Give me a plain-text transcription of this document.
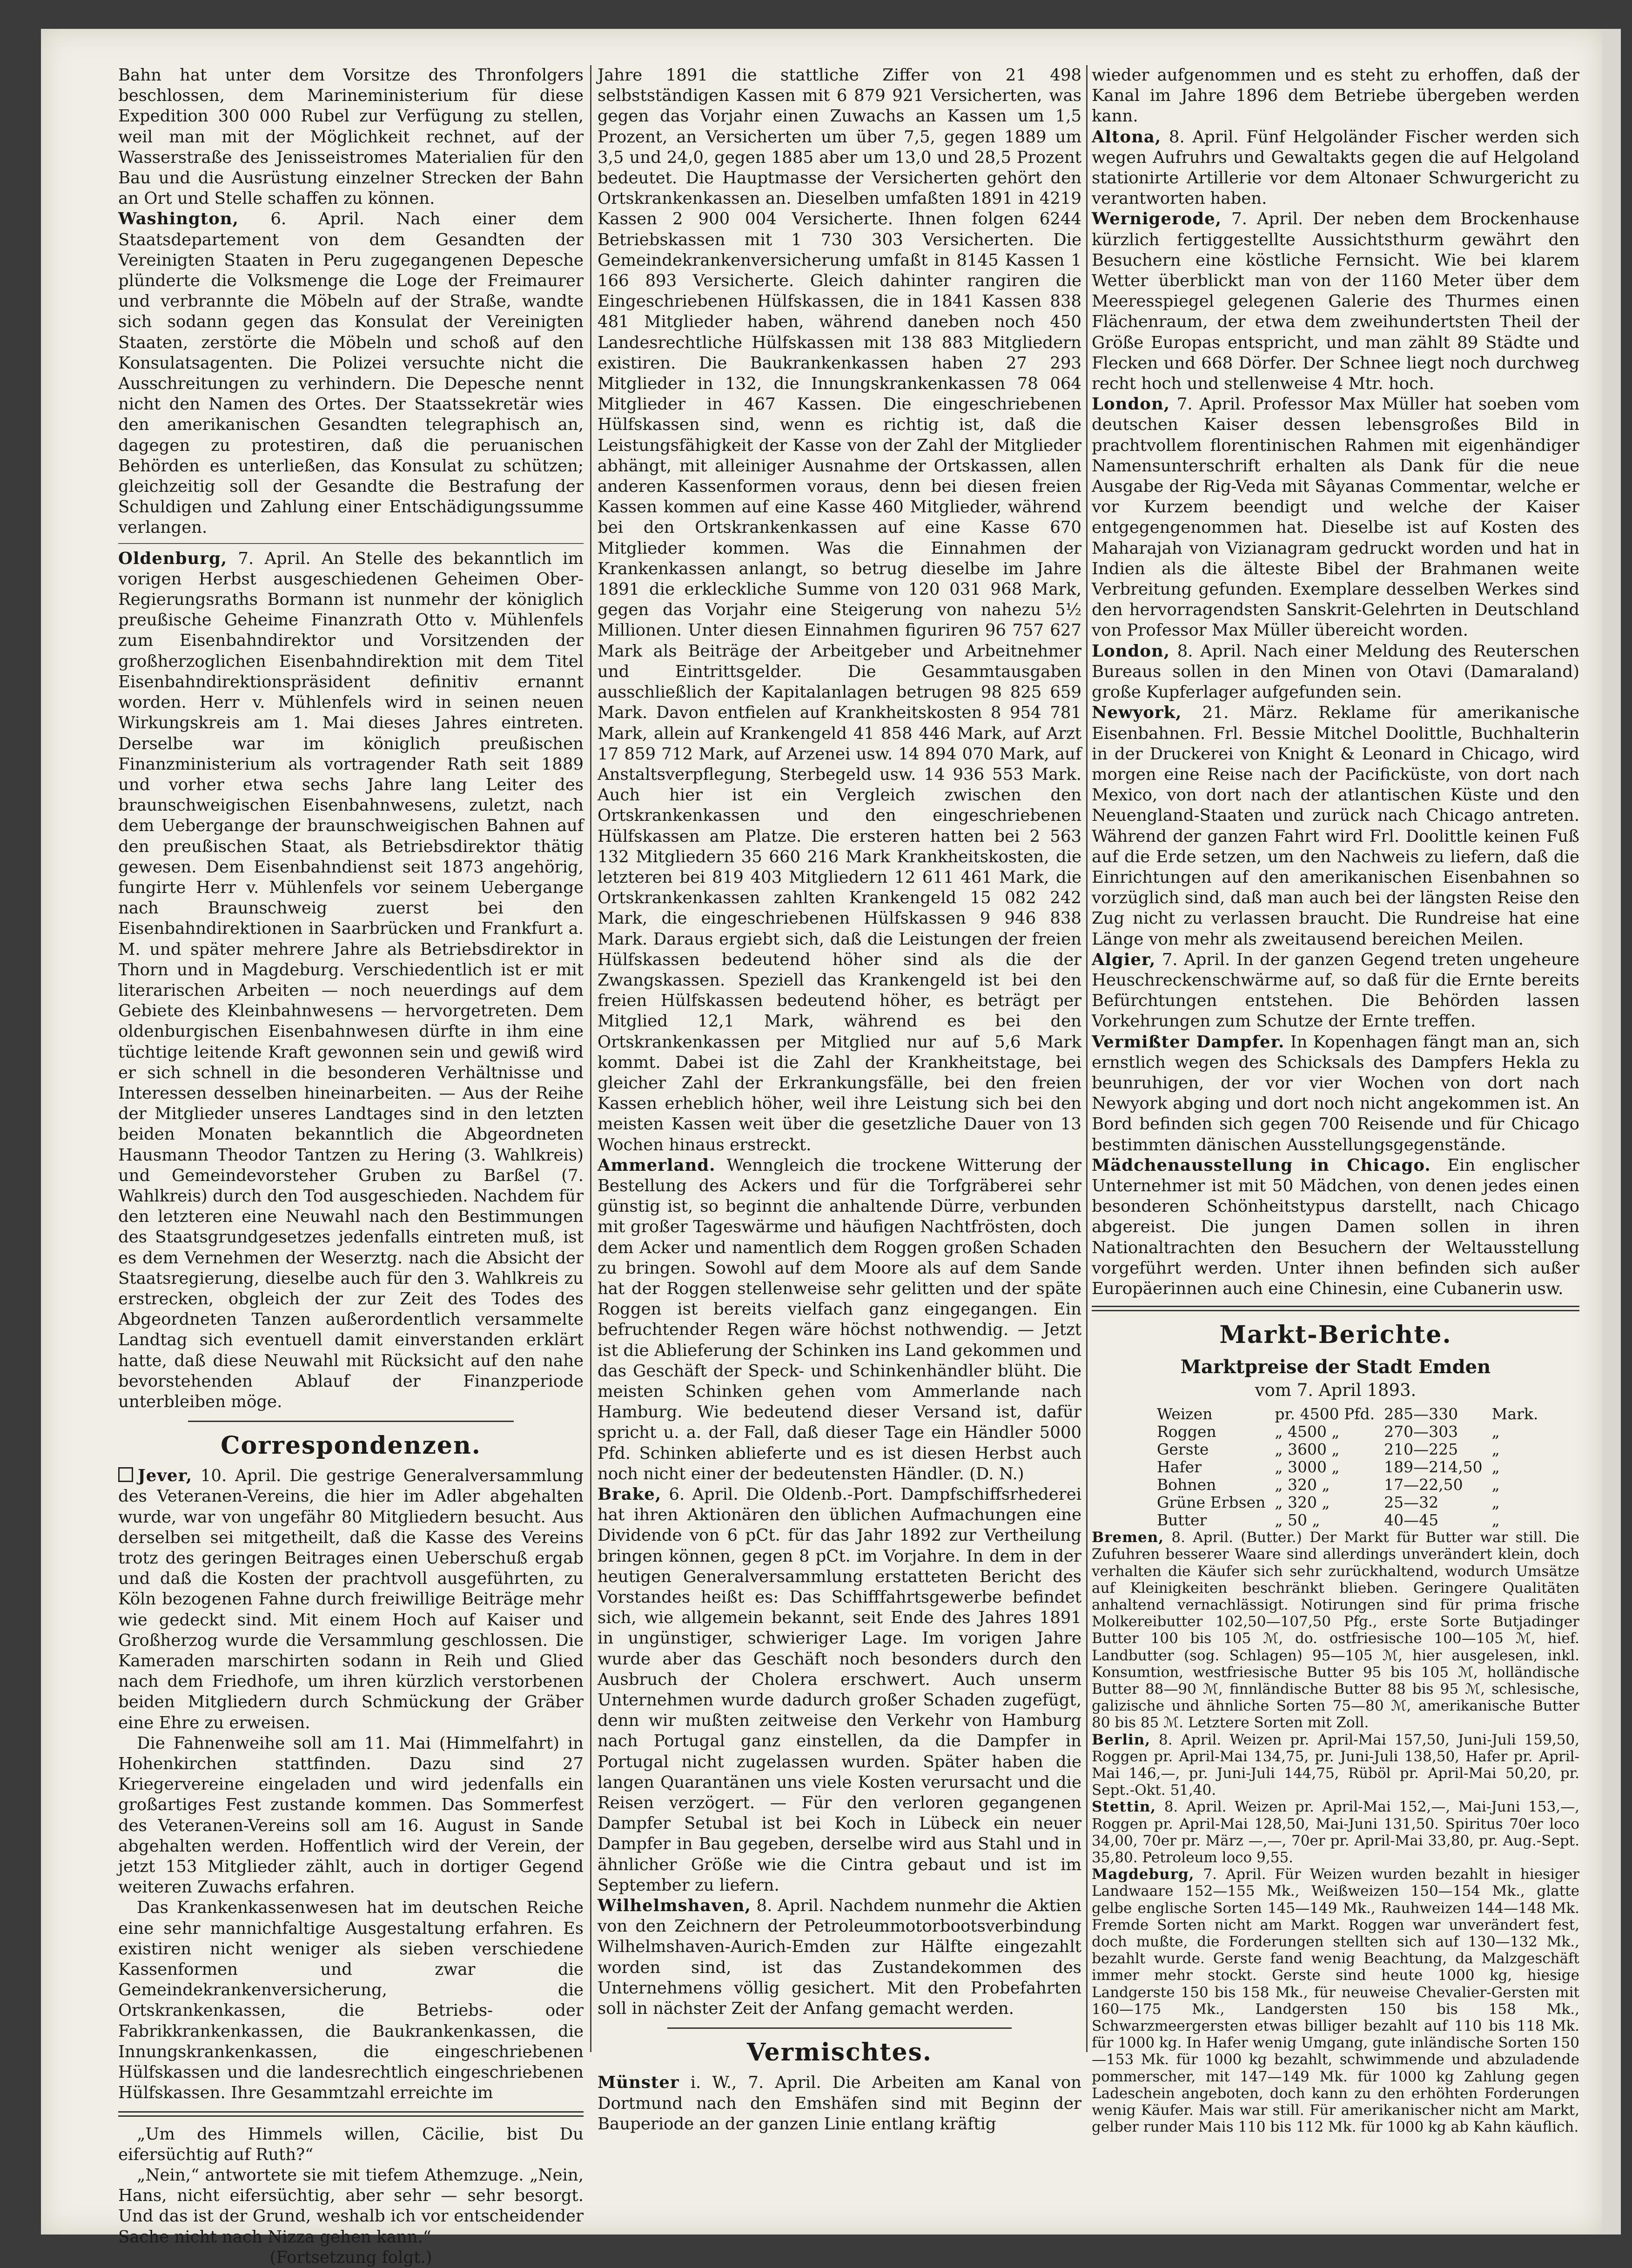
Bahn hat unter dem Vorsitze des Thronfolgers beschlossen, dem Marineministerium für diese Expedition 300 000 Rubel zur Verfügung zu stellen, weil man mit der Möglichkeit rechnet, auf der Wasserstraße des Jenisseistromes Materialien für den Bau und die Ausrüstung einzelner Strecken der Bahn an Ort und Stelle schaffen zu können.

Washington, 6. April. Nach einer dem Staatsdepartement von dem Gesandten der Vereinigten Staaten in Peru zugegangenen Depesche plünderte die Volksmenge die Loge der Freimaurer und verbrannte die Möbeln auf der Straße, wandte sich sodann gegen das Konsulat der Vereinigten Staaten, zerstörte die Möbeln und schoß auf den Konsulatsagenten. Die Polizei versuchte nicht die Ausschreitungen zu verhindern. Die Depesche nennt nicht den Namen des Ortes. Der Staatssekretär wies den amerikanischen Gesandten telegraphisch an, dagegen zu protestiren, daß die peruanischen Behörden es unterließen, das Konsulat zu schützen; gleichzeitig soll der Gesandte die Bestrafung der Schuldigen und Zahlung einer Entschädigungssumme verlangen.

Oldenburg, 7. April. An Stelle des bekanntlich im vorigen Herbst ausgeschiedenen Geheimen Ober-Regierungsraths Bormann ist nunmehr der königlich preußische Geheime Finanzrath Otto v. Mühlenfels zum Eisenbahndirektor und Vorsitzenden der großherzoglichen Eisenbahndirektion mit dem Titel Eisenbahndirektionspräsident definitiv ernannt worden. Herr v. Mühlenfels wird in seinen neuen Wirkungskreis am 1. Mai dieses Jahres eintreten. Derselbe war im königlich preußischen Finanzministerium als vortragender Rath seit 1889 und vorher etwa sechs Jahre lang Leiter des braunschweigischen Eisenbahnwesens, zuletzt, nach dem Uebergange der braunschweigischen Bahnen auf den preußischen Staat, als Betriebsdirektor thätig gewesen. Dem Eisenbahndienst seit 1873 angehörig, fungirte Herr v. Mühlenfels vor seinem Uebergange nach Braunschweig zuerst bei den Eisenbahndirektionen in Saarbrücken und Frankfurt a. M. und später mehrere Jahre als Betriebsdirektor in Thorn und in Magdeburg. Verschiedentlich ist er mit literarischen Arbeiten — noch neuerdings auf dem Gebiete des Kleinbahnwesens — hervorgetreten. Dem oldenburgischen Eisenbahnwesen dürfte in ihm eine tüchtige leitende Kraft gewonnen sein und gewiß wird er sich schnell in die besonderen Verhältnisse und Interessen desselben hineinarbeiten. — Aus der Reihe der Mitglieder unseres Landtages sind in den letzten beiden Monaten bekanntlich die Abgeordneten Hausmann Theodor Tantzen zu Hering (3. Wahlkreis) und Gemeindevorsteher Gruben zu Barßel (7. Wahlkreis) durch den Tod ausgeschieden. Nachdem für den letzteren eine Neuwahl nach den Bestimmungen des Staatsgrundgesetzes jedenfalls eintreten muß, ist es dem Vernehmen der Weserztg. nach die Absicht der Staatsregierung, dieselbe auch für den 3. Wahlkreis zu erstrecken, obgleich der zur Zeit des Todes des Abgeordneten Tanzen außerordentlich versammelte Landtag sich eventuell damit einverstanden erklärt hatte, daß diese Neuwahl mit Rücksicht auf den nahe bevorstehenden Ablauf der Finanzperiode unterbleiben möge.

Correspondenzen.

Jever, 10. April. Die gestrige Generalversammlung des Veteranen-Vereins, die hier im Adler abgehalten wurde, war von ungefähr 80 Mitgliedern besucht. Aus derselben sei mitgetheilt, daß die Kasse des Vereins trotz des geringen Beitrages einen Ueberschuß ergab und daß die Kosten der prachtvoll ausgeführten, zu Köln bezogenen Fahne durch freiwillige Beiträge mehr wie gedeckt sind. Mit einem Hoch auf Kaiser und Großherzog wurde die Versammlung geschlossen. Die Kameraden marschirten sodann in Reih und Glied nach dem Friedhofe, um ihren kürzlich verstorbenen beiden Mitgliedern durch Schmückung der Gräber eine Ehre zu erweisen.

Die Fahnenweihe soll am 11. Mai (Himmelfahrt) in Hohenkirchen stattfinden. Dazu sind 27 Kriegervereine eingeladen und wird jedenfalls ein großartiges Fest zustande kommen. Das Sommerfest des Veteranen-Vereins soll am 16. August in Sande abgehalten werden. Hoffentlich wird der Verein, der jetzt 153 Mitglieder zählt, auch in dortiger Gegend weiteren Zuwachs erfahren.

Das Krankenkassenwesen hat im deutschen Reiche eine sehr mannichfaltige Ausgestaltung erfahren. Es existiren nicht weniger als sieben verschiedene Kassenformen und zwar die Gemeindekrankenversicherung, die Ortskrankenkassen, die Betriebs- oder Fabrikkrankenkassen, die Baukrankenkassen, die Innungskrankenkassen, die eingeschriebenen Hülfskassen und die landesrechtlich eingeschriebenen Hülfskassen. Ihre Gesammtzahl erreichte im

„Um des Himmels willen, Cäcilie, bist Du eifersüchtig auf Ruth?“

„Nein,“ antwortete sie mit tiefem Athemzuge. „Nein, Hans, nicht eifersüchtig, aber sehr — sehr besorgt. Und das ist der Grund, weshalb ich vor entscheidender Sache nicht nach Nizza gehen kann.“

(Fortsetzung folgt.)

Jahre 1891 die stattliche Ziffer von 21 498 selbstständigen Kassen mit 6 879 921 Versicherten, was gegen das Vorjahr einen Zuwachs an Kassen um 1,5 Prozent, an Versicherten um über 7,5, gegen 1889 um 3,5 und 24,0, gegen 1885 aber um 13,0 und 28,5 Prozent bedeutet. Die Hauptmasse der Versicherten gehört den Ortskrankenkassen an. Dieselben umfaßten 1891 in 4219 Kassen 2 900 004 Versicherte. Ihnen folgen 6244 Betriebskassen mit 1 730 303 Versicherten. Die Gemeindekrankenversicherung umfaßt in 8145 Kassen 1 166 893 Versicherte. Gleich dahinter rangiren die Eingeschriebenen Hülfskassen, die in 1841 Kassen 838 481 Mitglieder haben, während daneben noch 450 Landesrechtliche Hülfskassen mit 138 883 Mitgliedern existiren. Die Baukrankenkassen haben 27 293 Mitglieder in 132, die Innungskrankenkassen 78 064 Mitglieder in 467 Kassen. Die eingeschriebenen Hülfskassen sind, wenn es richtig ist, daß die Leistungsfähigkeit der Kasse von der Zahl der Mitglieder abhängt, mit alleiniger Ausnahme der Ortskassen, allen anderen Kassenformen voraus, denn bei diesen freien Kassen kommen auf eine Kasse 460 Mitglieder, während bei den Ortskrankenkassen auf eine Kasse 670 Mitglieder kommen. Was die Einnahmen der Krankenkassen anlangt, so betrug dieselbe im Jahre 1891 die erkleckliche Summe von 120 031 968 Mark, gegen das Vorjahr eine Steigerung von nahezu 5½ Millionen. Unter diesen Einnahmen figuriren 96 757 627 Mark als Beiträge der Arbeitgeber und Arbeitnehmer und Eintrittsgelder. Die Gesammtausgaben ausschließlich der Kapitalanlagen betrugen 98 825 659 Mark. Davon entfielen auf Krankheitskosten 8 954 781 Mark, allein auf Krankengeld 41 858 446 Mark, auf Arzt 17 859 712 Mark, auf Arzenei usw. 14 894 070 Mark, auf Anstaltsverpflegung, Sterbegeld usw. 14 936 553 Mark. Auch hier ist ein Vergleich zwischen den Ortskrankenkassen und den eingeschriebenen Hülfskassen am Platze. Die ersteren hatten bei 2 563 132 Mitgliedern 35 660 216 Mark Krankheitskosten, die letzteren bei 819 403 Mitgliedern 12 611 461 Mark, die Ortskrankenkassen zahlten Krankengeld 15 082 242 Mark, die eingeschriebenen Hülfskassen 9 946 838 Mark. Daraus ergiebt sich, daß die Leistungen der freien Hülfskassen bedeutend höher sind als die der Zwangskassen. Speziell das Krankengeld ist bei den freien Hülfskassen bedeutend höher, es beträgt per Mitglied 12,1 Mark, während es bei den Ortskrankenkassen per Mitglied nur auf 5,6 Mark kommt. Dabei ist die Zahl der Krankheitstage, bei gleicher Zahl der Erkrankungsfälle, bei den freien Kassen erheblich höher, weil ihre Leistung sich bei den meisten Kassen weit über die gesetzliche Dauer von 13 Wochen hinaus erstreckt.

Ammerland. Wenngleich die trockene Witterung der Bestellung des Ackers und für die Torfgräberei sehr günstig ist, so beginnt die anhaltende Dürre, verbunden mit großer Tageswärme und häufigen Nachtfrösten, doch dem Acker und namentlich dem Roggen großen Schaden zu bringen. Sowohl auf dem Moore als auf dem Sande hat der Roggen stellenweise sehr gelitten und der späte Roggen ist bereits vielfach ganz eingegangen. Ein befruchtender Regen wäre höchst nothwendig. — Jetzt ist die Ablieferung der Schinken ins Land gekommen und das Geschäft der Speck- und Schinkenhändler blüht. Die meisten Schinken gehen vom Ammerlande nach Hamburg. Wie bedeutend dieser Versand ist, dafür spricht u. a. der Fall, daß dieser Tage ein Händler 5000 Pfd. Schinken ablieferte und es ist diesen Herbst auch noch nicht einer der bedeutensten Händler. (D. N.)

Brake, 6. April. Die Oldenb.-Port. Dampfschiffsrhederei hat ihren Aktionären den üblichen Aufmachungen eine Dividende von 6 pCt. für das Jahr 1892 zur Vertheilung bringen können, gegen 8 pCt. im Vorjahre. In dem in der heutigen Generalversammlung erstatteten Bericht des Vorstandes heißt es: Das Schifffahrtsgewerbe befindet sich, wie allgemein bekannt, seit Ende des Jahres 1891 in ungünstiger, schwieriger Lage. Im vorigen Jahre wurde aber das Geschäft noch besonders durch den Ausbruch der Cholera erschwert. Auch unserm Unternehmen wurde dadurch großer Schaden zugefügt, denn wir mußten zeitweise den Verkehr von Hamburg nach Portugal ganz einstellen, da die Dampfer in Portugal nicht zugelassen wurden. Später haben die langen Quarantänen uns viele Kosten verursacht und die Reisen verzögert. — Für den verloren gegangenen Dampfer Setubal ist bei Koch in Lübeck ein neuer Dampfer in Bau gegeben, derselbe wird aus Stahl und in ähnlicher Größe wie die Cintra gebaut und ist im September zu liefern.

Wilhelmshaven, 8. April. Nachdem nunmehr die Aktien von den Zeichnern der Petroleummotorbootsverbindung Wilhelmshaven-Aurich-Emden zur Hälfte eingezahlt worden sind, ist das Zustandekommen des Unternehmens völlig gesichert. Mit den Probefahrten soll in nächster Zeit der Anfang gemacht werden.

Vermischtes.

Münster i. W., 7. April. Die Arbeiten am Kanal von Dortmund nach den Emshäfen sind mit Beginn der Bauperiode an der ganzen Linie entlang kräftig

wieder aufgenommen und es steht zu erhoffen, daß der Kanal im Jahre 1896 dem Betriebe übergeben werden kann.

Altona, 8. April. Fünf Helgoländer Fischer werden sich wegen Aufruhrs und Gewaltakts gegen die auf Helgoland stationirte Artillerie vor dem Altonaer Schwurgericht zu verantworten haben.

Wernigerode, 7. April. Der neben dem Brockenhause kürzlich fertiggestellte Aussichtsthurm gewährt den Besuchern eine köstliche Fernsicht. Wie bei klarem Wetter überblickt man von der 1160 Meter über dem Meeresspiegel gelegenen Galerie des Thurmes einen Flächenraum, der etwa dem zweihundertsten Theil der Größe Europas entspricht, und man zählt 89 Städte und Flecken und 668 Dörfer. Der Schnee liegt noch durchweg recht hoch und stellenweise 4 Mtr. hoch.

London, 7. April. Professor Max Müller hat soeben vom deutschen Kaiser dessen lebensgroßes Bild in prachtvollem florentinischen Rahmen mit eigenhändiger Namensunterschrift erhalten als Dank für die neue Ausgabe der Rig-Veda mit Sâyanas Commentar, welche er vor Kurzem beendigt und welche der Kaiser entgegengenommen hat. Dieselbe ist auf Kosten des Maharajah von Vizianagram gedruckt worden und hat in Indien als die älteste Bibel der Brahmanen weite Verbreitung gefunden. Exemplare desselben Werkes sind den hervorragendsten Sanskrit-Gelehrten in Deutschland von Professor Max Müller übereicht worden.

London, 8. April. Nach einer Meldung des Reuterschen Bureaus sollen in den Minen von Otavi (Damaraland) große Kupferlager aufgefunden sein.

Newyork, 21. März. Reklame für amerikanische Eisenbahnen. Frl. Bessie Mitchel Doolittle, Buchhalterin in der Druckerei von Knight & Leonard in Chicago, wird morgen eine Reise nach der Pacificküste, von dort nach Mexico, von dort nach der atlantischen Küste und den Neuengland-Staaten und zurück nach Chicago antreten. Während der ganzen Fahrt wird Frl. Doolittle keinen Fuß auf die Erde setzen, um den Nachweis zu liefern, daß die Einrichtungen auf den amerikanischen Eisenbahnen so vorzüglich sind, daß man auch bei der längsten Reise den Zug nicht zu verlassen braucht. Die Rundreise hat eine Länge von mehr als zweitausend bereichen Meilen.

Algier, 7. April. In der ganzen Gegend treten ungeheure Heuschreckenschwärme auf, so daß für die Ernte bereits Befürchtungen entstehen. Die Behörden lassen Vorkehrungen zum Schutze der Ernte treffen.

Vermißter Dampfer. In Kopenhagen fängt man an, sich ernstlich wegen des Schicksals des Dampfers Hekla zu beunruhigen, der vor vier Wochen von dort nach Newyork abging und dort noch nicht angekommen ist. An Bord befinden sich gegen 700 Reisende und für Chicago bestimmten dänischen Ausstellungsgegenstände.

Mädchenausstellung in Chicago. Ein englischer Unternehmer ist mit 50 Mädchen, von denen jedes einen besonderen Schönheitstypus darstellt, nach Chicago abgereist. Die jungen Damen sollen in ihren Nationaltrachten den Besuchern der Weltausstellung vorgeführt werden. Unter ihnen befinden sich außer Europäerinnen auch eine Chinesin, eine Cubanerin usw.

Markt-Berichte.
Marktpreise der Stadt Emden
vom 7. April 1893.
Weizen	pr. 4500 Pfd.	285—330	Mark.
Roggen	„ 4500 „	270—303	„
Gerste	„ 3600 „	210—225	„
Hafer	„ 3000 „	189—214,50	„
Bohnen	„ 320 „	17—22,50	„
Grüne Erbsen	„ 320 „	25—32	„
Butter	„ 50 „	40—45	„

Bremen, 8. April. (Butter.) Der Markt für Butter war still. Die Zufuhren besserer Waare sind allerdings unverändert klein, doch verhalten die Käufer sich sehr zurückhaltend, wodurch Umsätze auf Kleinigkeiten beschränkt blieben. Geringere Qualitäten anhaltend vernachlässigt. Notirungen sind für prima frische Molkereibutter 102,50—107,50 Pfg., erste Sorte Butjadinger Butter 100 bis 105 ℳ, do. ostfriesische 100—105 ℳ, hief. Landbutter (sog. Schlagen) 95—105 ℳ, hier ausgelesen, inkl. Konsumtion, westfriesische Butter 95 bis 105 ℳ, holländische Butter 88—90 ℳ, finnländische Butter 88 bis 95 ℳ, schlesische, galizische und ähnliche Sorten 75—80 ℳ, amerikanische Butter 80 bis 85 ℳ. Letztere Sorten mit Zoll.

Berlin, 8. April. Weizen pr. April-Mai 157,50, Juni-Juli 159,50, Roggen pr. April-Mai 134,75, pr. Juni-Juli 138,50, Hafer pr. April-Mai 146,—, pr. Juni-Juli 144,75, Rüböl pr. April-Mai 50,20, pr. Sept.-Okt. 51,40.

Stettin, 8. April. Weizen pr. April-Mai 152,—, Mai-Juni 153,—, Roggen pr. April-Mai 128,50, Mai-Juni 131,50. Spiritus 70er loco 34,00, 70er pr. März —,—, 70er pr. April-Mai 33,80, pr. Aug.-Sept. 35,80. Petroleum loco 9,55.

Magdeburg, 7. April. Für Weizen wurden bezahlt in hiesiger Landwaare 152—155 Mk., Weißweizen 150—154 Mk., glatte gelbe englische Sorten 145—149 Mk., Rauhweizen 144—148 Mk. Fremde Sorten nicht am Markt. Roggen war unverändert fest, doch mußte, die Forderungen stellten sich auf 130—132 Mk., bezahlt wurde. Gerste fand wenig Beachtung, da Malzgeschäft immer mehr stockt. Gerste sind heute 1000 kg, hiesige Landgerste 150 bis 158 Mk., für neuweise Chevalier-Gersten mit 160—175 Mk., Landgersten 150 bis 158 Mk., Schwarzmeergersten etwas billiger bezahlt auf 110 bis 118 Mk. für 1000 kg. In Hafer wenig Umgang, gute inländische Sorten 150—153 Mk. für 1000 kg bezahlt, schwimmende und abzuladende pommerscher, mit 147—149 Mk. für 1000 kg Zahlung gegen Ladeschein angeboten, doch kann zu den erhöhten Forderungen wenig Käufer. Mais war still. Für amerikanischer nicht am Markt, gelber runder Mais 110 bis 112 Mk. für 1000 kg ab Kahn käuflich.
